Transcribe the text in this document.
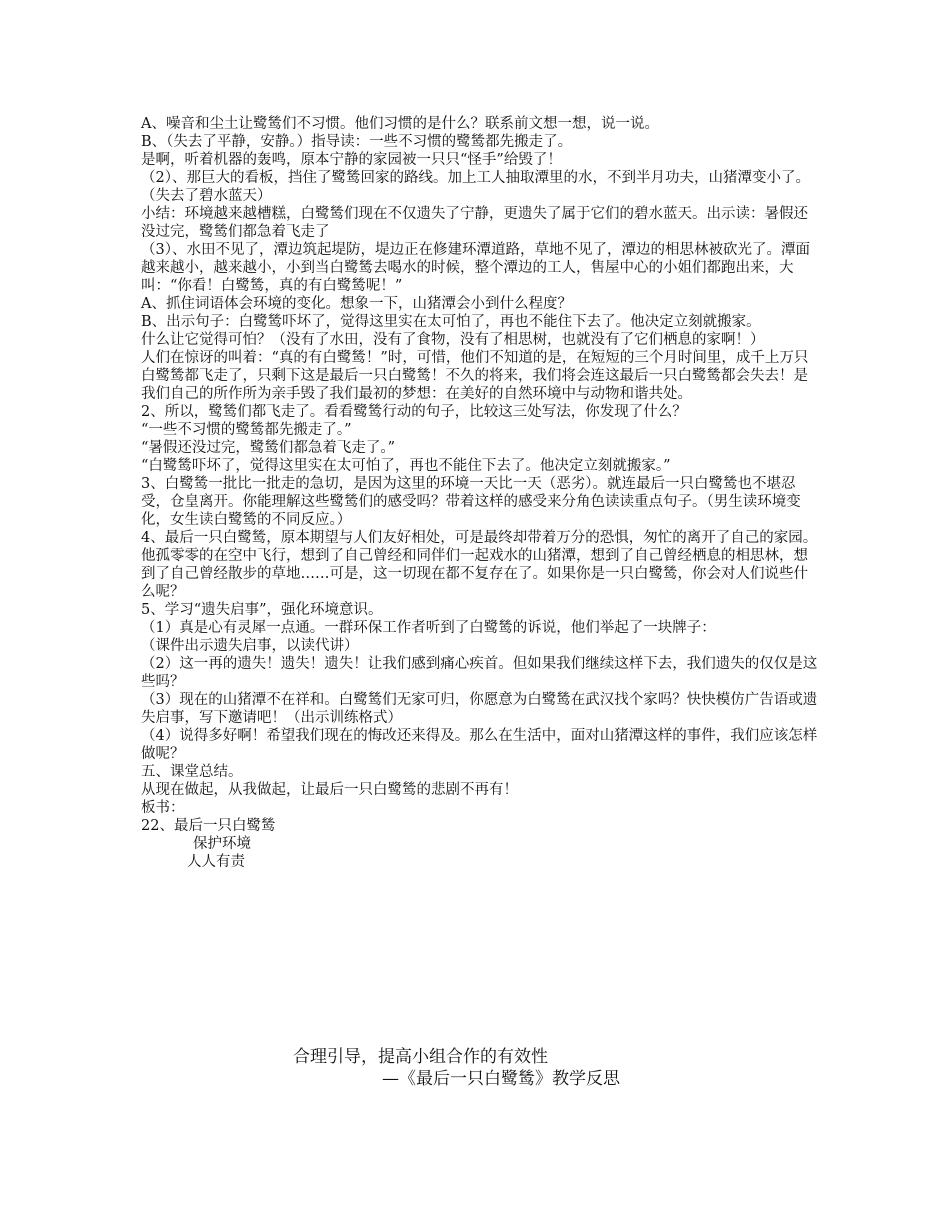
A、噪音和尘土让鹭鸶们不习惯。他们习惯的是什么？联系前文想一想，说一说。

B、（失去了平静，安静。）指导读：一些不习惯的鹭鸶都先搬走了。

是啊，听着机器的轰鸣，原本宁静的家园被一只只“怪手”给毁了！

（2）、那巨大的看板，挡住了鹭鸶回家的路线。加上工人抽取潭里的水，不到半月功夫，山猪潭变小了。（失去了碧水蓝天）

小结：环境越来越槽糕，白鹭鸶们现在不仅遗失了宁静，更遗失了属于它们的碧水蓝天。出示读：暑假还没过完，鹭鸶们都急着飞走了

（3）、水田不见了，潭边筑起堤防，堤边正在修建环潭道路，草地不见了，潭边的相思林被砍光了。潭面越来越小，越来越小，小到当白鹭鸶去喝水的时候，整个潭边的工人，售屋中心的小姐们都跑出来，大叫：“你看！白鹭鸶，真的有白鹭鸶呢！”

A、抓住词语体会环境的变化。想象一下，山猪潭会小到什么程度？

B、出示句子：白鹭鸶吓坏了，觉得这里实在太可怕了，再也不能住下去了。他决定立刻就搬家。

什么让它觉得可怕？（没有了水田，没有了食物，没有了相思树，也就没有了它们栖息的家啊！）

人们在惊讶的叫着：“真的有白鹭鸶！”时，可惜，他们不知道的是，在短短的三个月时间里，成千上万只白鹭鸶都飞走了，只剩下这是最后一只白鹭鸶！不久的将来，我们将会连这最后一只白鹭鸶都会失去！是我们自己的所作所为亲手毁了我们最初的梦想：在美好的自然环境中与动物和谐共处。

2、所以，鹭鸶们都飞走了。看看鹭鸶行动的句子，比较这三处写法，你发现了什么？

“一些不习惯的鹭鸶都先搬走了。”

“暑假还没过完，鹭鸶们都急着飞走了。”

“白鹭鸶吓坏了，觉得这里实在太可怕了，再也不能住下去了。他决定立刻就搬家。”

3、白鹭鸶一批比一批走的急切，是因为这里的环境一天比一天（恶劣）。就连最后一只白鹭鸶也不堪忍受，仓皇离开。你能理解这些鹭鸶们的感受吗？带着这样的感受来分角色读读重点句子。（男生读环境变化，女生读白鹭鸶的不同反应。）

4、最后一只白鹭鸶，原本期望与人们友好相处，可是最终却带着万分的恐惧，匆忙的离开了自己的家园。他孤零零的在空中飞行，想到了自己曾经和同伴们一起戏水的山猪潭，想到了自己曾经栖息的相思林，想到了自己曾经散步的草地……可是，这一切现在都不复存在了。如果你是一只白鹭鸶，你会对人们说些什么呢？

5、学习“遗失启事”，强化环境意识。

（1）真是心有灵犀一点通。一群环保工作者听到了白鹭鸶的诉说，他们举起了一块牌子：

（课件出示遗失启事，以读代讲）

（2）这一再的遗失！遗失！遗失！让我们感到痛心疾首。但如果我们继续这样下去，我们遗失的仅仅是这些吗？

（3）现在的山猪潭不在祥和。白鹭鸶们无家可归，你愿意为白鹭鸶在武汉找个家吗？快快模仿广告语或遗失启事，写下邀请吧！（出示训练格式）

（4）说得多好啊！希望我们现在的悔改还来得及。那么在生活中，面对山猪潭这样的事件，我们应该怎样做呢？

五、课堂总结。

从现在做起，从我做起，让最后一只白鹭鸶的悲剧不再有！

板书：

22、最后一只白鹭鸶

保护环境

人人有责

合理引导，提高小组合作的有效性
—《最后一只白鹭鸶》教学反思
